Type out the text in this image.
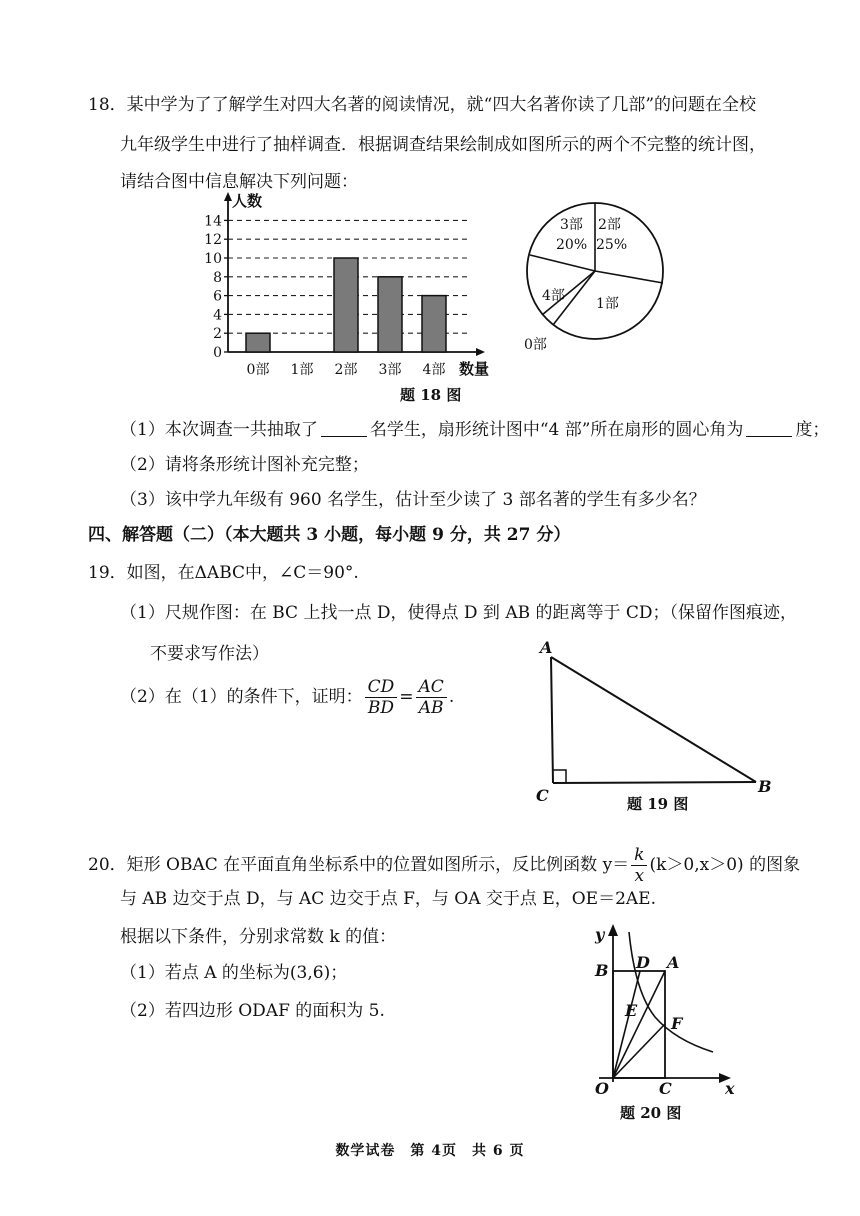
18．某中学为了了解学生对四大名著的阅读情况，就“四大名著你读了几部”的问题在全校
九年级学生中进行了抽样调查．根据调查结果绘制成如图所示的两个不完整的统计图，
请结合图中信息解决下列问题：
0
2
4
6
8
10
12
14
人数
数量
0部 1部 2部 3部 4部
2部
25%
1部
0部
4部
3部
20%
题 18 图
（1）本次调查一共抽取了	名学生，扇形统计图中“4 部”所在扇形的圆心角为	度；
（2）请将条形统计图补充完整；
（3）该中学九年级有 960 名学生，估计至少读了 3 部名著的学生有多少名？
四、解答题（二）（本大题共 3 小题，每小题 9 分，共 27 分）
19．如图，在ΔABC中，∠C＝90°.
（1）尺规作图：在 BC 上找一点 D，使得点 D 到 AB 的距离等于 CD；（保留作图痕迹，
不要求写作法）
（2）在（1）的条件下，证明： $\frac{CD}{BD} = \frac{AC}{AB}$ .
A
C	B
题 19 图
20．矩形 OBAC 在平面直角坐标系中的位置如图所示，反比例函数 $y= \frac{k}{x} (k>0,x>0)$ 的图象
与 AB 边交于点 D，与 AC 边交于点 F，与 OA 交于点 E，OE＝2AE.
根据以下条件，分别求常数 k 的值：
（1）若点 A 的坐标为(3,6)；
（2）若四边形 ODAF 的面积为 5.
y
x
O
B D A
E
F
C
题 20 图
数学试卷　第 4页　共 6 页
